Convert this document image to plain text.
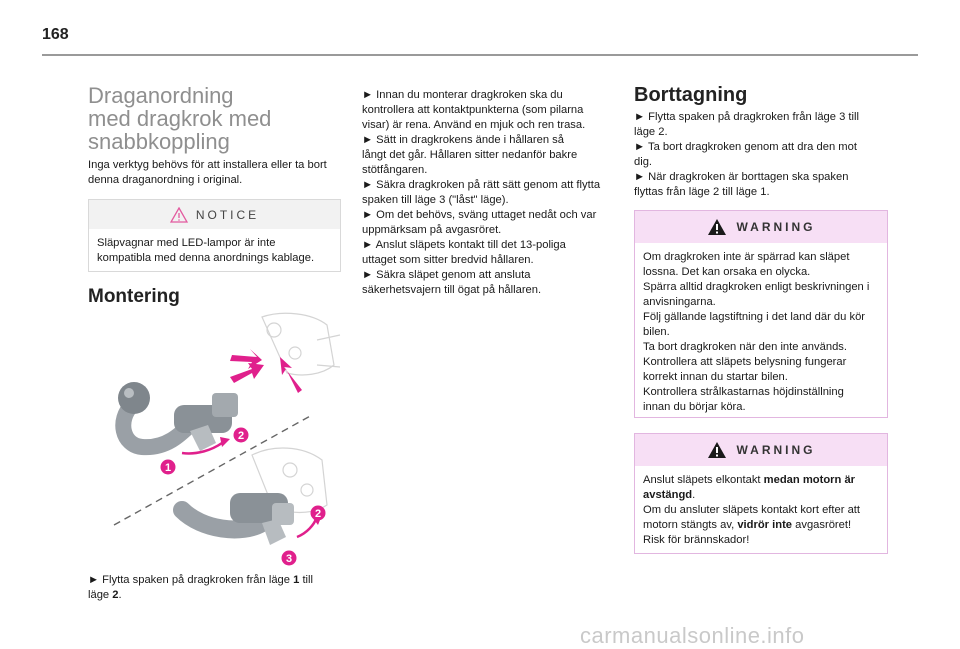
168
Draganordning
med dragkrok med
snabbkoppling
Inga verktyg behövs för att installera eller ta bort
denna draganordning i original.
NOTICE
Släpvagnar med LED-lampor är inte
kompatibla med denna anordnings kablage.
Montering
1
2
2
3
► Flytta spaken på dragkroken från läge 1 till
läge 2.
► Innan du monterar dragkroken ska du
kontrollera att kontaktpunkterna (som pilarna
visar) är rena. Använd en mjuk och ren trasa.
► Sätt in dragkrokens ände i hållaren så
långt det går. Hållaren sitter nedanför bakre
stötfångaren.
► Säkra dragkroken på rätt sätt genom att flytta
spaken till läge 3 ("låst" läge).
► Om det behövs, sväng uttaget nedåt och var
uppmärksam på avgasröret.
► Anslut släpets kontakt till det 13-poliga
uttaget som sitter bredvid hållaren.
► Säkra släpet genom att ansluta
säkerhetsvajern till ögat på hållaren.
Borttagning
► Flytta spaken på dragkroken från läge 3 till
läge 2.
► Ta bort dragkroken genom att dra den mot
dig.
► När dragkroken är borttagen ska spaken
flyttas från läge 2 till läge 1.
WARNING
Om dragkroken inte är spärrad kan släpet
lossna. Det kan orsaka en olycka.
Spärra alltid dragkroken enligt beskrivningen i
anvisningarna.
Följ gällande lagstiftning i det land där du kör
bilen.
Ta bort dragkroken när den inte används.
Kontrollera att släpets belysning fungerar
korrekt innan du startar bilen.
Kontrollera strålkastarnas höjdinställning
innan du börjar köra.
WARNING
Anslut släpets elkontakt medan motorn är
avstängd.
Om du ansluter släpets kontakt kort efter att
motorn stängts av, vidrör inte avgasröret!
Risk för brännskador!
carmanualsonline.info
